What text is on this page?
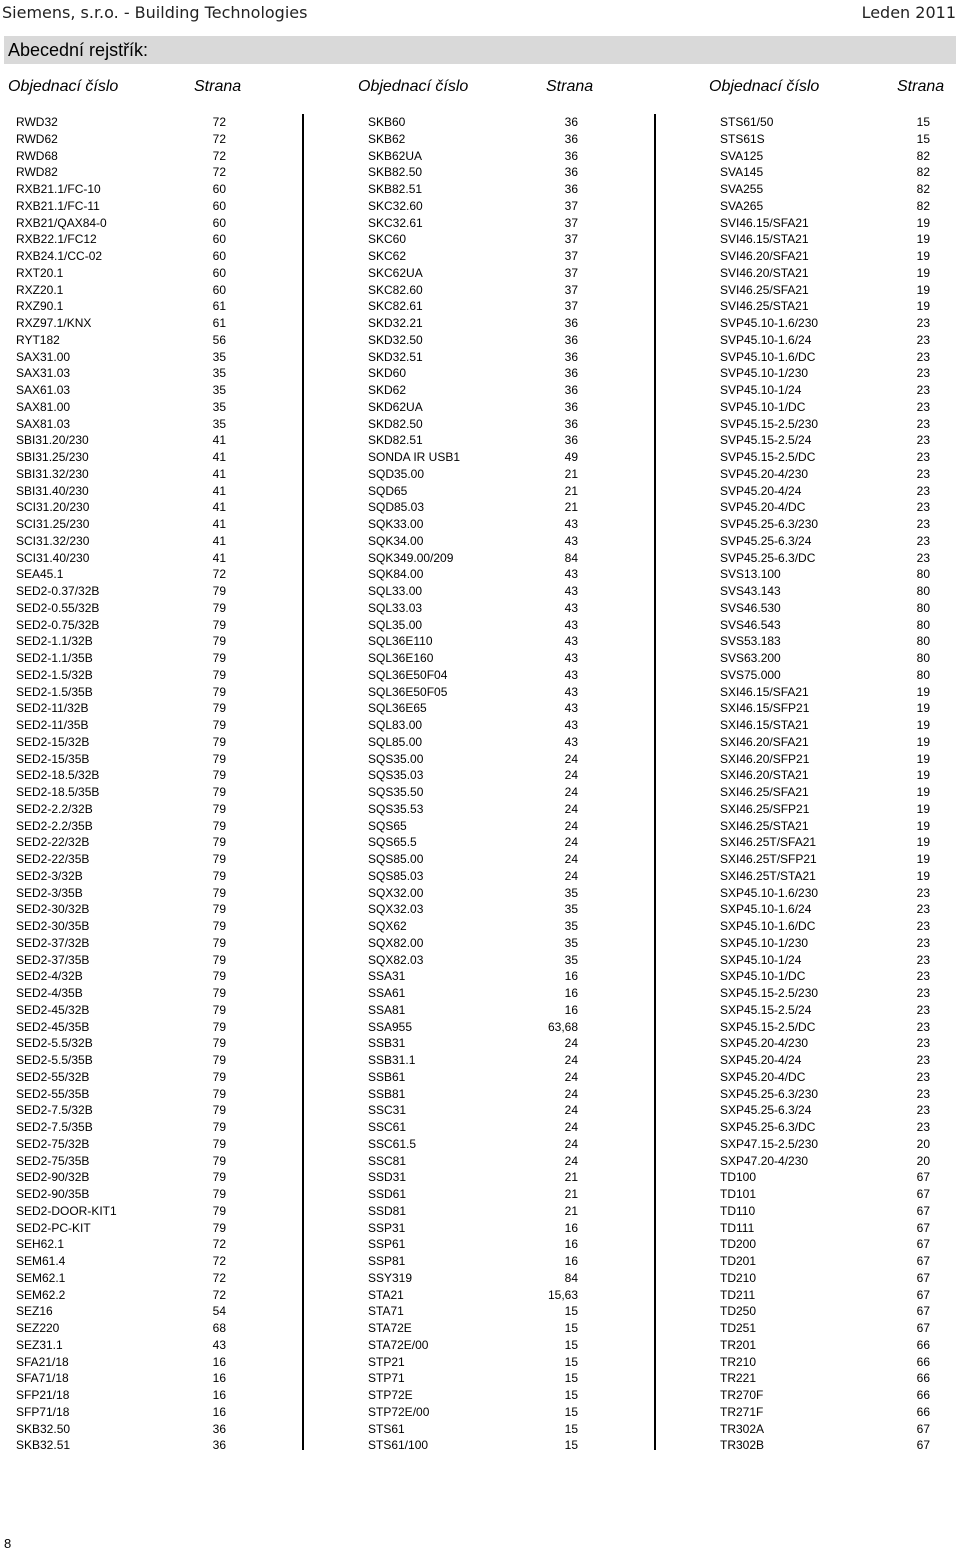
Siemens, s.r.o. - Building Technologies	Leden 2011
Abecední rejstřík:
Objednací číslo	Strana	Objednací číslo	Strana	Objednací číslo	Strana
RWD32	72
RWD62	72
RWD68	72
RWD82	72
RXB21.1/FC-10	60
RXB21.1/FC-11	60
RXB21/QAX84-0	60
RXB22.1/FC12	60
RXB24.1/CC-02	60
RXT20.1	60
RXZ20.1	60
RXZ90.1	61
RXZ97.1/KNX	61
RYT182	56
SAX31.00	35
SAX31.03	35
SAX61.03	35
SAX81.00	35
SAX81.03	35
SBI31.20/230	41
SBI31.25/230	41
SBI31.32/230	41
SBI31.40/230	41
SCI31.20/230	41
SCI31.25/230	41
SCI31.32/230	41
SCI31.40/230	41
SEA45.1	72
SED2-0.37/32B	79
SED2-0.55/32B	79
SED2-0.75/32B	79
SED2-1.1/32B	79
SED2-1.1/35B	79
SED2-1.5/32B	79
SED2-1.5/35B	79
SED2-11/32B	79
SED2-11/35B	79
SED2-15/32B	79
SED2-15/35B	79
SED2-18.5/32B	79
SED2-18.5/35B	79
SED2-2.2/32B	79
SED2-2.2/35B	79
SED2-22/32B	79
SED2-22/35B	79
SED2-3/32B	79
SED2-3/35B	79
SED2-30/32B	79
SED2-30/35B	79
SED2-37/32B	79
SED2-37/35B	79
SED2-4/32B	79
SED2-4/35B	79
SED2-45/32B	79
SED2-45/35B	79
SED2-5.5/32B	79
SED2-5.5/35B	79
SED2-55/32B	79
SED2-55/35B	79
SED2-7.5/32B	79
SED2-7.5/35B	79
SED2-75/32B	79
SED2-75/35B	79
SED2-90/32B	79
SED2-90/35B	79
SED2-DOOR-KIT1	79
SED2-PC-KIT	79
SEH62.1	72
SEM61.4	72
SEM62.1	72
SEM62.2	72
SEZ16	54
SEZ220	68
SEZ31.1	43
SFA21/18	16
SFA71/18	16
SFP21/18	16
SFP71/18	16
SKB32.50	36
SKB32.51	36
SKB60	36
SKB62	36
SKB62UA	36
SKB82.50	36
SKB82.51	36
SKC32.60	37
SKC32.61	37
SKC60	37
SKC62	37
SKC62UA	37
SKC82.60	37
SKC82.61	37
SKD32.21	36
SKD32.50	36
SKD32.51	36
SKD60	36
SKD62	36
SKD62UA	36
SKD82.50	36
SKD82.51	36
SONDA IR USB1	49
SQD35.00	21
SQD65	21
SQD85.03	21
SQK33.00	43
SQK34.00	43
SQK349.00/209	84
SQK84.00	43
SQL33.00	43
SQL33.03	43
SQL35.00	43
SQL36E110	43
SQL36E160	43
SQL36E50F04	43
SQL36E50F05	43
SQL36E65	43
SQL83.00	43
SQL85.00	43
SQS35.00	24
SQS35.03	24
SQS35.50	24
SQS35.53	24
SQS65	24
SQS65.5	24
SQS85.00	24
SQS85.03	24
SQX32.00	35
SQX32.03	35
SQX62	35
SQX82.00	35
SQX82.03	35
SSA31	16
SSA61	16
SSA81	16
SSA955	63,68
SSB31	24
SSB31.1	24
SSB61	24
SSB81	24
SSC31	24
SSC61	24
SSC61.5	24
SSC81	24
SSD31	21
SSD61	21
SSD81	21
SSP31	16
SSP61	16
SSP81	16
SSY319	84
STA21	15,63
STA71	15
STA72E	15
STA72E/00	15
STP21	15
STP71	15
STP72E	15
STP72E/00	15
STS61	15
STS61/100	15
STS61/50	15
STS61S	15
SVA125	82
SVA145	82
SVA255	82
SVA265	82
SVI46.15/SFA21	19
SVI46.15/STA21	19
SVI46.20/SFA21	19
SVI46.20/STA21	19
SVI46.25/SFA21	19
SVI46.25/STA21	19
SVP45.10-1.6/230	23
SVP45.10-1.6/24	23
SVP45.10-1.6/DC	23
SVP45.10-1/230	23
SVP45.10-1/24	23
SVP45.10-1/DC	23
SVP45.15-2.5/230	23
SVP45.15-2.5/24	23
SVP45.15-2.5/DC	23
SVP45.20-4/230	23
SVP45.20-4/24	23
SVP45.20-4/DC	23
SVP45.25-6.3/230	23
SVP45.25-6.3/24	23
SVP45.25-6.3/DC	23
SVS13.100	80
SVS43.143	80
SVS46.530	80
SVS46.543	80
SVS53.183	80
SVS63.200	80
SVS75.000	80
SXI46.15/SFA21	19
SXI46.15/SFP21	19
SXI46.15/STA21	19
SXI46.20/SFA21	19
SXI46.20/SFP21	19
SXI46.20/STA21	19
SXI46.25/SFA21	19
SXI46.25/SFP21	19
SXI46.25/STA21	19
SXI46.25T/SFA21	19
SXI46.25T/SFP21	19
SXI46.25T/STA21	19
SXP45.10-1.6/230	23
SXP45.10-1.6/24	23
SXP45.10-1.6/DC	23
SXP45.10-1/230	23
SXP45.10-1/24	23
SXP45.10-1/DC	23
SXP45.15-2.5/230	23
SXP45.15-2.5/24	23
SXP45.15-2.5/DC	23
SXP45.20-4/230	23
SXP45.20-4/24	23
SXP45.20-4/DC	23
SXP45.25-6.3/230	23
SXP45.25-6.3/24	23
SXP45.25-6.3/DC	23
SXP47.15-2.5/230	20
SXP47.20-4/230	20
TD100	67
TD101	67
TD110	67
TD111	67
TD200	67
TD201	67
TD210	67
TD211	67
TD250	67
TD251	67
TR201	66
TR210	66
TR221	66
TR270F	66
TR271F	66
TR302A	67
TR302B	67
8
